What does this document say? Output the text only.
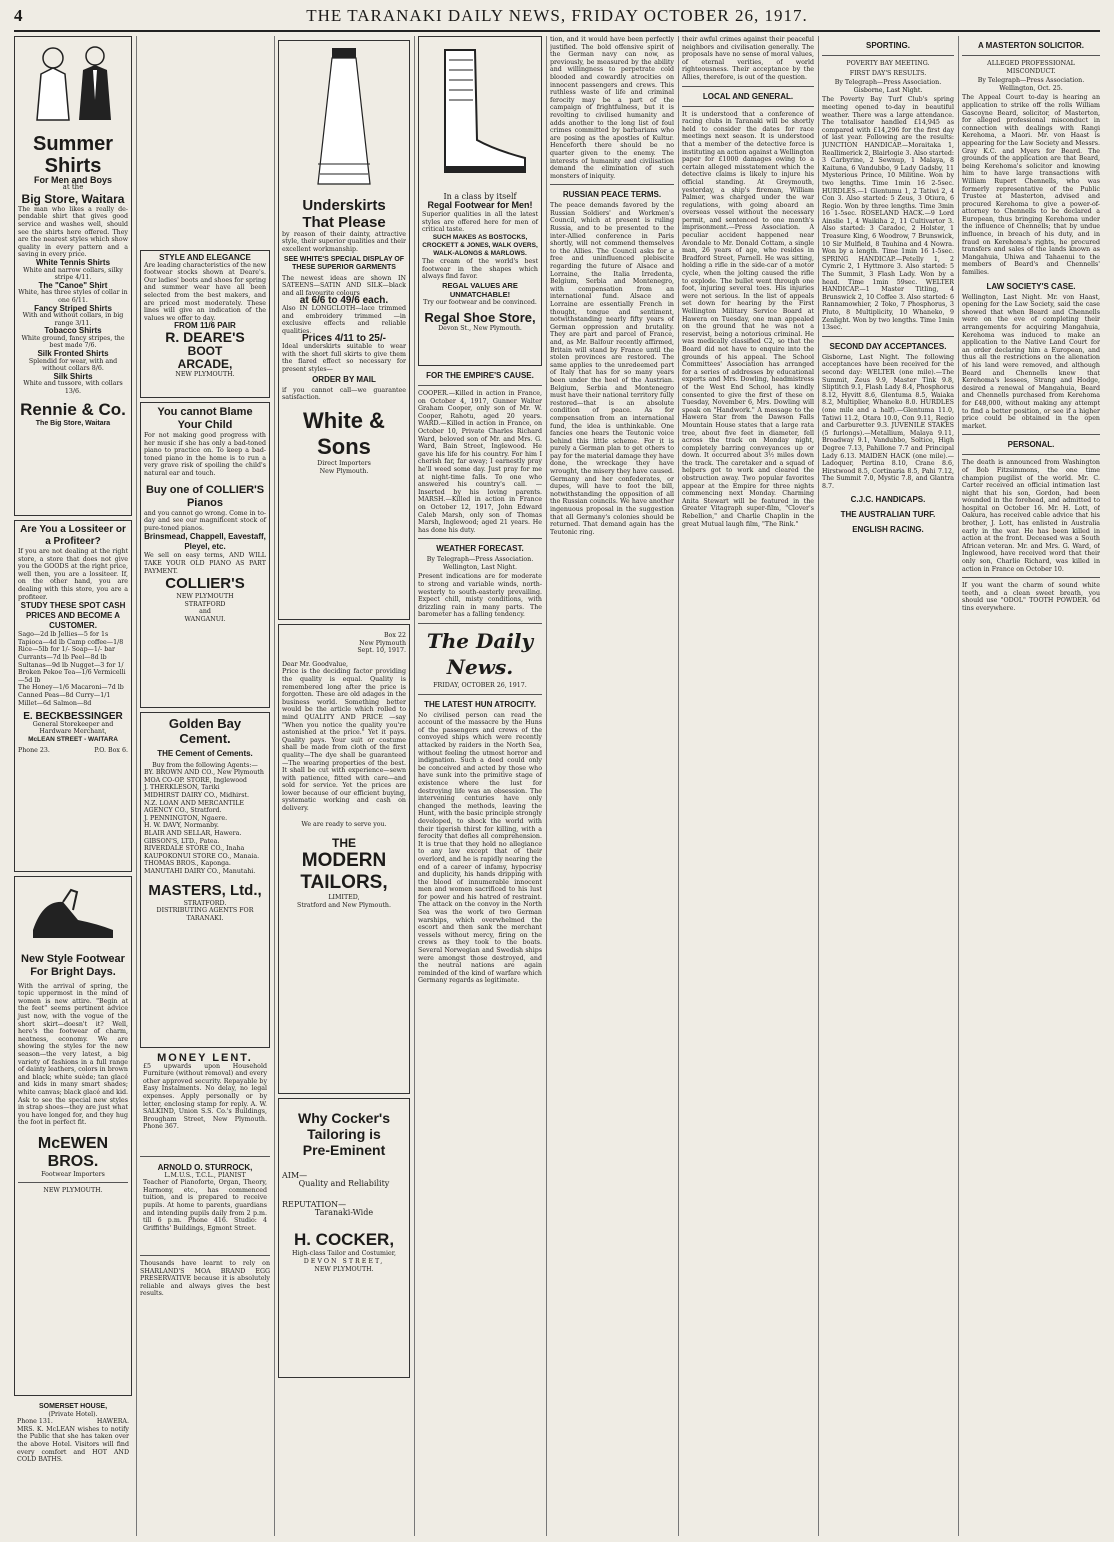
4	THE TARANAKI DAILY NEWS, FRIDAY OCTOBER 26, 1917.
Summer
Shirts
For Men and Boys
at the
Big Store, Waitara

The man who likes a really de-pendable shirt that gives good service and washes well, should see the shirts here offered. They are the nearest styles which show quality in every pattern and a saving in every price.

White Tennis Shirts
White and narrow collars, silky stripe 4/11.
The "Canoe" Shirt
White, has three styles of collar in one 6/11.
Fancy Striped Shirts
With and without collars, in big range 3/11.
Tobacco Shirts
White ground, fancy stripes, the best made 7/6.
Silk Fronted Shirts
Splendid for wear, with and without collars 8/6.
Silk Shirts
White and tussore, with collars 13/6.
Rennie & Co.
The Big Store, Waitara
Are You a Lossiteer or a Profiteer?

If you are not dealing at the right store, a store that does not give you the GOODS at the right price, well then, you are a lossiteer. If, on the other hand, you are dealing with this store, you are a profiteer.

STUDY THESE SPOT CASH PRICES AND BECOME A CUSTOMER.
Sago—2d lb Jellies—5 for 1s
Tapioca—4d lb Camp coffee—1/8
Rice—5lb for 1/- Soap—1/- bar
Currants—7d lb Peel—8d lb
Sultanas—9d lb Nugget—3 for 1/
Broken Pekoe Tea—1/6 Vermicelli—5d lb
The Honey—1/6 Macaroni—7d lb
Canned Peas—8d Curry—1/1
Millet—6d Salmon—8d
E. BECKBESSINGER
General Storekeeper and Hardware Merchant,
McLEAN STREET - WAITARA
Phone 23.	P.O. Box 6.
New Style Footwear For Bright Days.

With the arrival of spring, the topic uppermost in the mind of women is new attire. "Begin at the feet" seems pertinent advice just now, with the vogue of the short skirt—doesn't it? Well, here's the footwear of charm, neatness, economy. We are showing the styles for the new season—the very latest, a big variety of fashions in a full range of dainty leathers, colors in brown and black; white suède; tan glacé and kids in many smart shades; white canvas; black glacé and kid. Ask to see the special new styles in strap shoes—they are just what you have longed for, and they hug the foot in perfect fit.

McEWEN BROS.
Footwear Importers
NEW PLYMOUTH.
SOMERSET HOUSE,
(Private Hotel).
Phone 131.	HAWERA.

MRS. K. McLEAN wishes to notify the Public that she has taken over the above Hotel. Visitors will find every comfort and HOT AND COLD BATHS.

STYLE AND ELEGANCE

Are leading characteristics of the new footwear stocks shown at Deare's. Our ladies' boots and shoes for spring and summer wear have all been selected from the best makers, and are priced most moderately. These lines will give an indication of the values we offer to day.

FROM 11/6 PAIR
R. DEARE'S
BOOT
ARCADE,
NEW PLYMOUTH.
You cannot Blame Your Child

For not making good progress with her music if she has only a bad-toned piano to practice on. To keep a bad-toned piano in the home is to run a very grave risk of spoiling the child's natural ear and touch.

Buy one of COLLIER'S Pianos

and you cannot go wrong. Come in to-day and see our magnificent stock of pure-toned pianos.

Brinsmead, Chappell, Eavestaff, Pleyel, etc.

We sell on easy terms, AND WILL TAKE YOUR OLD PIANO AS PART PAYMENT.

COLLIER'S
NEW PLYMOUTH
STRATFORD
and
WANGANUI.
Golden Bay Cement.
THE Cement of Cements.
Buy from the following Agents:—
BY. BROWN AND CO., New Plymouth
MOA CO-OP. STORE, Inglewood
J. THERKLESON, Tariki
MIDHIRST DAIRY CO., Midhirst.
N.Z. LOAN AND MERCANTILE AGENCY CO., Stratford.
J. PENNINGTON, Ngaere.
H. W. DAVY, Normanby.
BLAIR AND SELLAR, Hawera.
GIBSON'S, LTD., Patea.
RIVERDALE STORE CO., Inaha
KAUPOKONUI STORE CO., Manaia.
THOMAS BROS., Kaponga.
MANUTAHI DAIRY CO., Manutahi.
MASTERS, Ltd.,
STRATFORD.
DISTRIBUTING AGENTS FOR TARANAKI.
MONEY LENT.

£5 upwards upon Household Furniture (without removal) and every other approved security. Repayable by Easy Instalments. No delay, no legal expenses. Apply personally or by letter, enclosing stamp for reply. A. W. SALKIND, Union S.S. Co.'s Buildings, Brougham Street, New Plymouth. Phone 367.

ARNOLD O. STURROCK,
L.M.U.S., T.C.L., PIANIST

Teacher of Pianoforte, Organ, Theory, Harmony, etc., has commenced tuition, and is prepared to receive pupils. At home to parents, guardians and intending pupils daily from 2 p.m. till 6 p.m. Phone 416. Studio: 4 Griffiths' Buildings, Egmont Street.

Thousands have learnt to rely on SHARLAND'S MOA BRAND EGG PRESERVATIVE because it is absolutely reliable and always gives the best results.

Underskirts
That Please

by reason of their dainty, attractive style, their superior qualities and their excellent workmanship.

SEE WHITE'S SPECIAL DISPLAY OF THESE SUPERIOR GARMENTS

The newest ideas are shown IN SATEENS—SATIN AND SILK—black and all favourite colours

at 6/6 to 49/6 each.

Also IN LONGCLOTH—lace trimmed and embroidery trimmed —in exclusive effects and reliable qualities.

Prices 4/11 to 25/-

Ideal underskirts suitable to wear with the short full skirts to give them the flared effect so necessary for present styles—

ORDER BY MAIL

if you cannot call—we guarantee satisfaction.

White & Sons
Direct Importers
New Plymouth.
Box 22
New Plymouth
Sept. 10, 1917.
Dear Mr. Goodvalue,

Price is the deciding factor providing the quality is equal. Quality is remembered long after the price is forgotten. These are old adages in the business world. Something better would be the article which rolled to mind QUALITY AND PRICE —say "When you notice the quality you're astonished at the price." Yet it pays. Quality pays. Your suit or costume shall be made from cloth of the first quality—The dye shall be guaranteed—The wearing properties of the best. It shall be cut with experience—sewn with patience, fitted with care—and sold for service. Yet the prices are lower because of our efficient buying, systematic working and cash on delivery.

We are ready to serve you.
THE
MODERN
TAILORS,
LIMITED,
Stratford and New Plymouth.
Why Cocker's
Tailoring is
Pre-Eminent
AIM—
Quality and Reliability
REPUTATION—
Taranaki-Wide
H. COCKER,
High-class Tailor and Costumier,
DEVON STREET,
NEW PLYMOUTH.
In a class by itself
Regal Footwear for Men!

Superior qualities in all the latest styles are offered here for men of critical taste.

SUCH MAKES AS BOSTOCKS, CROCKETT & JONES, WALK OVERS, WALK-ALONGS & MARLOWS.

The cream of the world's best footwear in the shapes which always find favor.

REGAL VALUES ARE UNMATCHABLE!
Try our footwear and be convinced.
Regal Shoe Store,
Devon St., New Plymouth.
FOR THE EMPIRE'S CAUSE.

COOPER.—Killed in action in France, on October 4, 1917, Gunner Walter Graham Cooper, only son of Mr. W. Cooper, Rahotu, aged 20 years. WARD.—Killed in action in France, on October 10, Private Charles Richard Ward, beloved son of Mr. and Mrs. G. Ward, Bain Street, Inglewood. He gave his life for his country. For him I cherish far, far away; I earnestly pray he'll weed some day. Just pray for me at night-time falls. To one who answered his country's call. —Inserted by his loving parents. MARSH.—Killed in action in France on October 12, 1917, John Edward Caleb Marsh, only son of Thomas Marsh, Inglewood; aged 21 years. He has done his duty.

WEATHER FORECAST.
By Telegraph—Press Association. Wellington, Last Night.

Present indications are for moderate to strong and variable winds, north-westerly to south-easterly prevailing. Expect chill, misty conditions, with drizzling rain in many parts. The barometer has a falling tendency.

The Daily News.
FRIDAY, OCTOBER 26, 1917.
THE LATEST HUN ATROCITY.

No civilised person can read the account of the massacre by the Huns of the passengers and crews of the convoyed ships which were recently attacked by raiders in the North Sea, without feeling the utmost horror and indignation. Such a deed could only be conceived and acted by those who have sunk into the primitive stage of existence where the lust for destroying life was an obsession. The intervening centuries have only changed the methods, leaving the Hunt, with the basic principle strongly developed, to shock the world with their tigerish thirst for killing, with a ferocity that defies all comprehension. It is true that they hold no allegiance to any law except that of their overlord, and he is rapidly nearing the end of a career of infamy, hypocrisy and duplicity, his hands dripping with the blood of innumerable innocent men and women sacrificed to his lust for power and his hatred of restraint. The attack on the convoy in the North Sea was the work of two German warships, which overwhelmed the escort and then sank the merchant vessels without mercy, firing on the crews as they took to the boats. Several Norwegian and Swedish ships were amongst those destroyed, and the neutral nations are again reminded of the kind of warfare which Germany regards as legitimate.

tion, and it would have been perfectly justified. The bold offensive spirit of the German navy can now, as previously, be measured by the ability and willingness to perpetrate cold blooded and cowardly atrocities on innocent passengers and crews. This ruthless waste of life and criminal ferocity may be a part of the campaign of frightfulness, but it is revolting to civilised humanity and adds another to the long list of foul crimes committed by barbarians who are posing as the apostles of Kultur. Henceforth there should be no quarter given to the enemy. The interests of humanity and civilisation demand the elimination of such monsters of iniquity.

RUSSIAN PEACE TERMS.

The peace demands favored by the Russian Soldiers' and Workmen's Council, which at present is ruling Russia, and to be presented to the inter-Allied conference in Paris shortly, will not commend themselves to the Allies. The Council asks for a free and uninfluenced plebiscite regarding the future of Alsace and Lorraine, the Italia Irredenta, Belgium, Serbia and Montenegro, with compensation from an international fund. Alsace and Lorraine are essentially French in thought, tongue and sentiment, notwithstanding nearly fifty years of German oppression and brutality. They are part and parcel of France, and, as Mr. Balfour recently affirmed, Britain will stand by France until the stolen provinces are restored. The same applies to the unredeemed part of Italy that has for so many years been under the heel of the Austrian. Belgium, Serbia and Montenegro must have their national territory fully restored—that is an absolute condition of peace. As for compensation from an international fund, the idea is unthinkable. One fancies one hears the Teutonic voice behind this little scheme. For it is purely a German plan to get others to pay for the material damage they have done, the wreckage they have wrought, the misery they have caused. Germany and her confederates, or dupes, will have to foot the bill, notwithstanding the opposition of all the Russian councils. We have another ingenuous proposal in the suggestion that all Germany's colonies should be returned. That demand again has the Teutonic ring.

their awful crimes against their peaceful neighbors and civilisation generally. The proposals have no sense of moral values, of eternal verities, of world righteousness. Their acceptance by the Allies, therefore, is out of the question.

LOCAL AND GENERAL.

It is understood that a conference of racing clubs in Taranaki will be shortly held to consider the dates for race meetings next season. It is understood that a member of the detective force is instituting an action against a Wellington paper for £1000 damages owing to a certain alleged misstatement which the detective claims is likely to injure his official standing. At Greymouth, yesterday, a ship's fireman, William Palmer, was charged under the war regulations, with going aboard an overseas vessel without the necessary permit, and sentenced to one month's imprisonment.—Press Association. A peculiar accident happened near Avondale to Mr. Donald Cottam, a single man, 26 years of age, who resides in Bradford Street, Parnell. He was sitting, holding a rifle in the side-car of a motor cycle, when the jolting caused the rifle to explode. The bullet went through one foot, injuring several toes. His injuries were not serious. In the list of appeals set down for hearing by the First Wellington Military Service Board at Hawera on Tuesday, one man appealed on the ground that he was not a reservist, being a notorious criminal. He was medically classified C2, so that the Board did not have to enquire into the grounds of his appeal. The School Committees' Association has arranged for a series of addresses by educational experts and Mrs. Dowling, headmistress of the West End School, has kindly consented to give the first of these on Tuesday, November 6, Mrs. Dowling will speak on "Handwork." A message to the Hawera Star from the Dawson Falls Mountain House states that a large rata tree, about five feet in diameter, fell across the track on Monday night, completely barring conveyances up or down. It occurred about 3½ miles down the track. The caretaker and a squad of helpers got to work and cleared the obstruction away. Two popular favorites appear at the Empire for three nights commencing next Monday. Charming Anita Stewart will be featured in the Greater Vitagraph super-film, "Clover's Rebellion," and Charlie Chaplin in the great Mutual laugh film, "The Rink."

SPORTING.
POVERTY BAY MEETING.
FIRST DAY'S RESULTS.
By Telegraph—Press Association. Gisborne, Last Night.

The Poverty Bay Turf Club's spring meeting opened to-day in beautiful weather. There was a large attendance. The totalisator handled £14,945 as compared with £14,296 for the first day of last year. Following are the results: JUNCTION HANDICAP.—Moraitaka 1, Reallimerick 2, Blairlogie 3. Also started: 3 Carbyrine, 2 Sewnup, 1 Malaya, 8 Kaituna, 6 Vandubbo, 9 Lady Gadsby, 11 Mysterious Prince, 10 Militine. Won by two lengths. Time 1min 16 2-5sec. HURDLES.—1 Glentumu 1, 2 Tatiwi 2, 4 Con 3. Also started: 5 Zeus, 3 Otiura, 6 Regio. Won by three lengths. Time 3min 16 1-5sec. ROSELAND HACK.—9 Lord Ainslie 1, 4 Waikiha 2, 11 Cultivartor 3. Also started: 3 Caradoc, 2 Holster, 1 Treasure King, 6 Woodrow, 7 Brunswick, 10 Sir Mulfield, 8 Tauhina and 4 Nowra. Won by a length. Time 1min 16 1-5sec. SPRING HANDICAP.—Petelly 1, 2 Cymric 2, 1 Hyttmore 3. Also started: 5 The Summit, 3 Flash Lady. Won by a head. Time 1min 59sec. WELTER HANDICAP.—1 Master Titling, 4 Brunswick 2, 10 Coffee 3. Also started: 6 Rannamowhier, 2 Toko, 7 Phosphorus, 3 Pluto, 8 Multiplicity, 10 Whaneko, 9 Zenlight. Won by two lengths. Time 1min 13sec.

SECOND DAY ACCEPTANCES.

Gisborne, Last Night. The following acceptances have been received for the second day: WELTER (one mile).—The Summit, Zeus 9.9, Master Tink 9.8, Sliptitch 9.1, Flash Lady 8.4, Phosphorus 8.12, Hyvitt 8.6, Glentuma 8.5, Waiaka 8.2, Multiplier, Whaneko 8.0. HURDLES (one mile and a half).—Glentuma 11.0, Tatiwi 11.2, Otara 10.0, Con 9.11, Regio and Carburetter 9.3. JUVENILE STAKES (5 furlongs).—Metallium, Malaya 9.11, Broadway 9.1, Vandubbo, Soltice, High Degree 7.13, Pahillone 7.7 and Principal Lady 6.13. MAIDEN HACK (one mile).—Ladoquer, Pertina 8.10, Crane 8.6, Hirstwood 8.5, Cortinaria 8.5, Pahi 7.12, The Summit 7.0, Mystic 7.8, and Glantra 8.7.

C.J.C. HANDICAPS.
THE AUSTRALIAN TURF.
ENGLISH RACING.
A MASTERTON SOLICITOR.
ALLEGED PROFESSIONAL MISCONDUCT.
By Telegraph—Press Association. Wellington, Oct. 25.

The Appeal Court to-day is hearing an application to strike off the rolls William Gascoyne Beard, solicitor, of Masterton, for alleged professional misconduct in connection with dealings with Rangi Kerehoma, a Maori. Mr. von Haast is appearing for the Law Society and Messrs. Gray K.C. and Myers for Beard. The grounds of the application are that Beard, being Kerehoma's solicitor and knowing him to have large transactions with William Rupert Chennells, who was formerly representative of the Public Trustee at Masterton, advised and procured Kerehoma to give a power-of-attorney to Chennells to be declared a European, thus bringing Kerehoma under the influence of Chennells; that by undue influence, in breach of his duty, and in fraud on Kerehoma's rights, he procured transfers and sales of the lands known as Mangahuia, Uhiwa and Tahaenui to the members of Beard's and Chennells' families.

LAW SOCIETY'S CASE.

Wellington, Last Night. Mr. von Haast, opening for the Law Society, said the case showed that when Beard and Chennells were on the eve of completing their arrangements for acquiring Mangahuia, Kerehoma was induced to make an application to the Native Land Court for an order declaring him a European, and thus all the restrictions on the alienation of his land were removed, and although Beard and Chennells knew that Kerehoma's lessees, Strang and Hodge, desired a renewal of Mangahuia, Beard and Chennells purchased from Kerehoma for £48,000, without making any attempt to find a better position, or see if a higher price could be obtained in the open market.

PERSONAL.

The death is announced from Washington of Bob Fitzsimmons, the one time champion pugilist of the world. Mr. C. Carter received an official intimation last night that his son, Gordon, had been wounded in the forehead, and admitted to hospital on October 16. Mr. H. Lott, of Oakura, has received cable advice that his brother, J. Lott, has enlisted in Australia early in the war. He has been killed in action at the front. Deceased was a South African veteran. Mr. and Mrs. G. Ward, of Inglewood, have received word that their only son, Charlie Richard, was killed in action in France on October 10.

If you want the charm of sound white teeth, and a clean sweet breath, you should use "ODOL" TOOTH POWDER. 6d tins everywhere.
